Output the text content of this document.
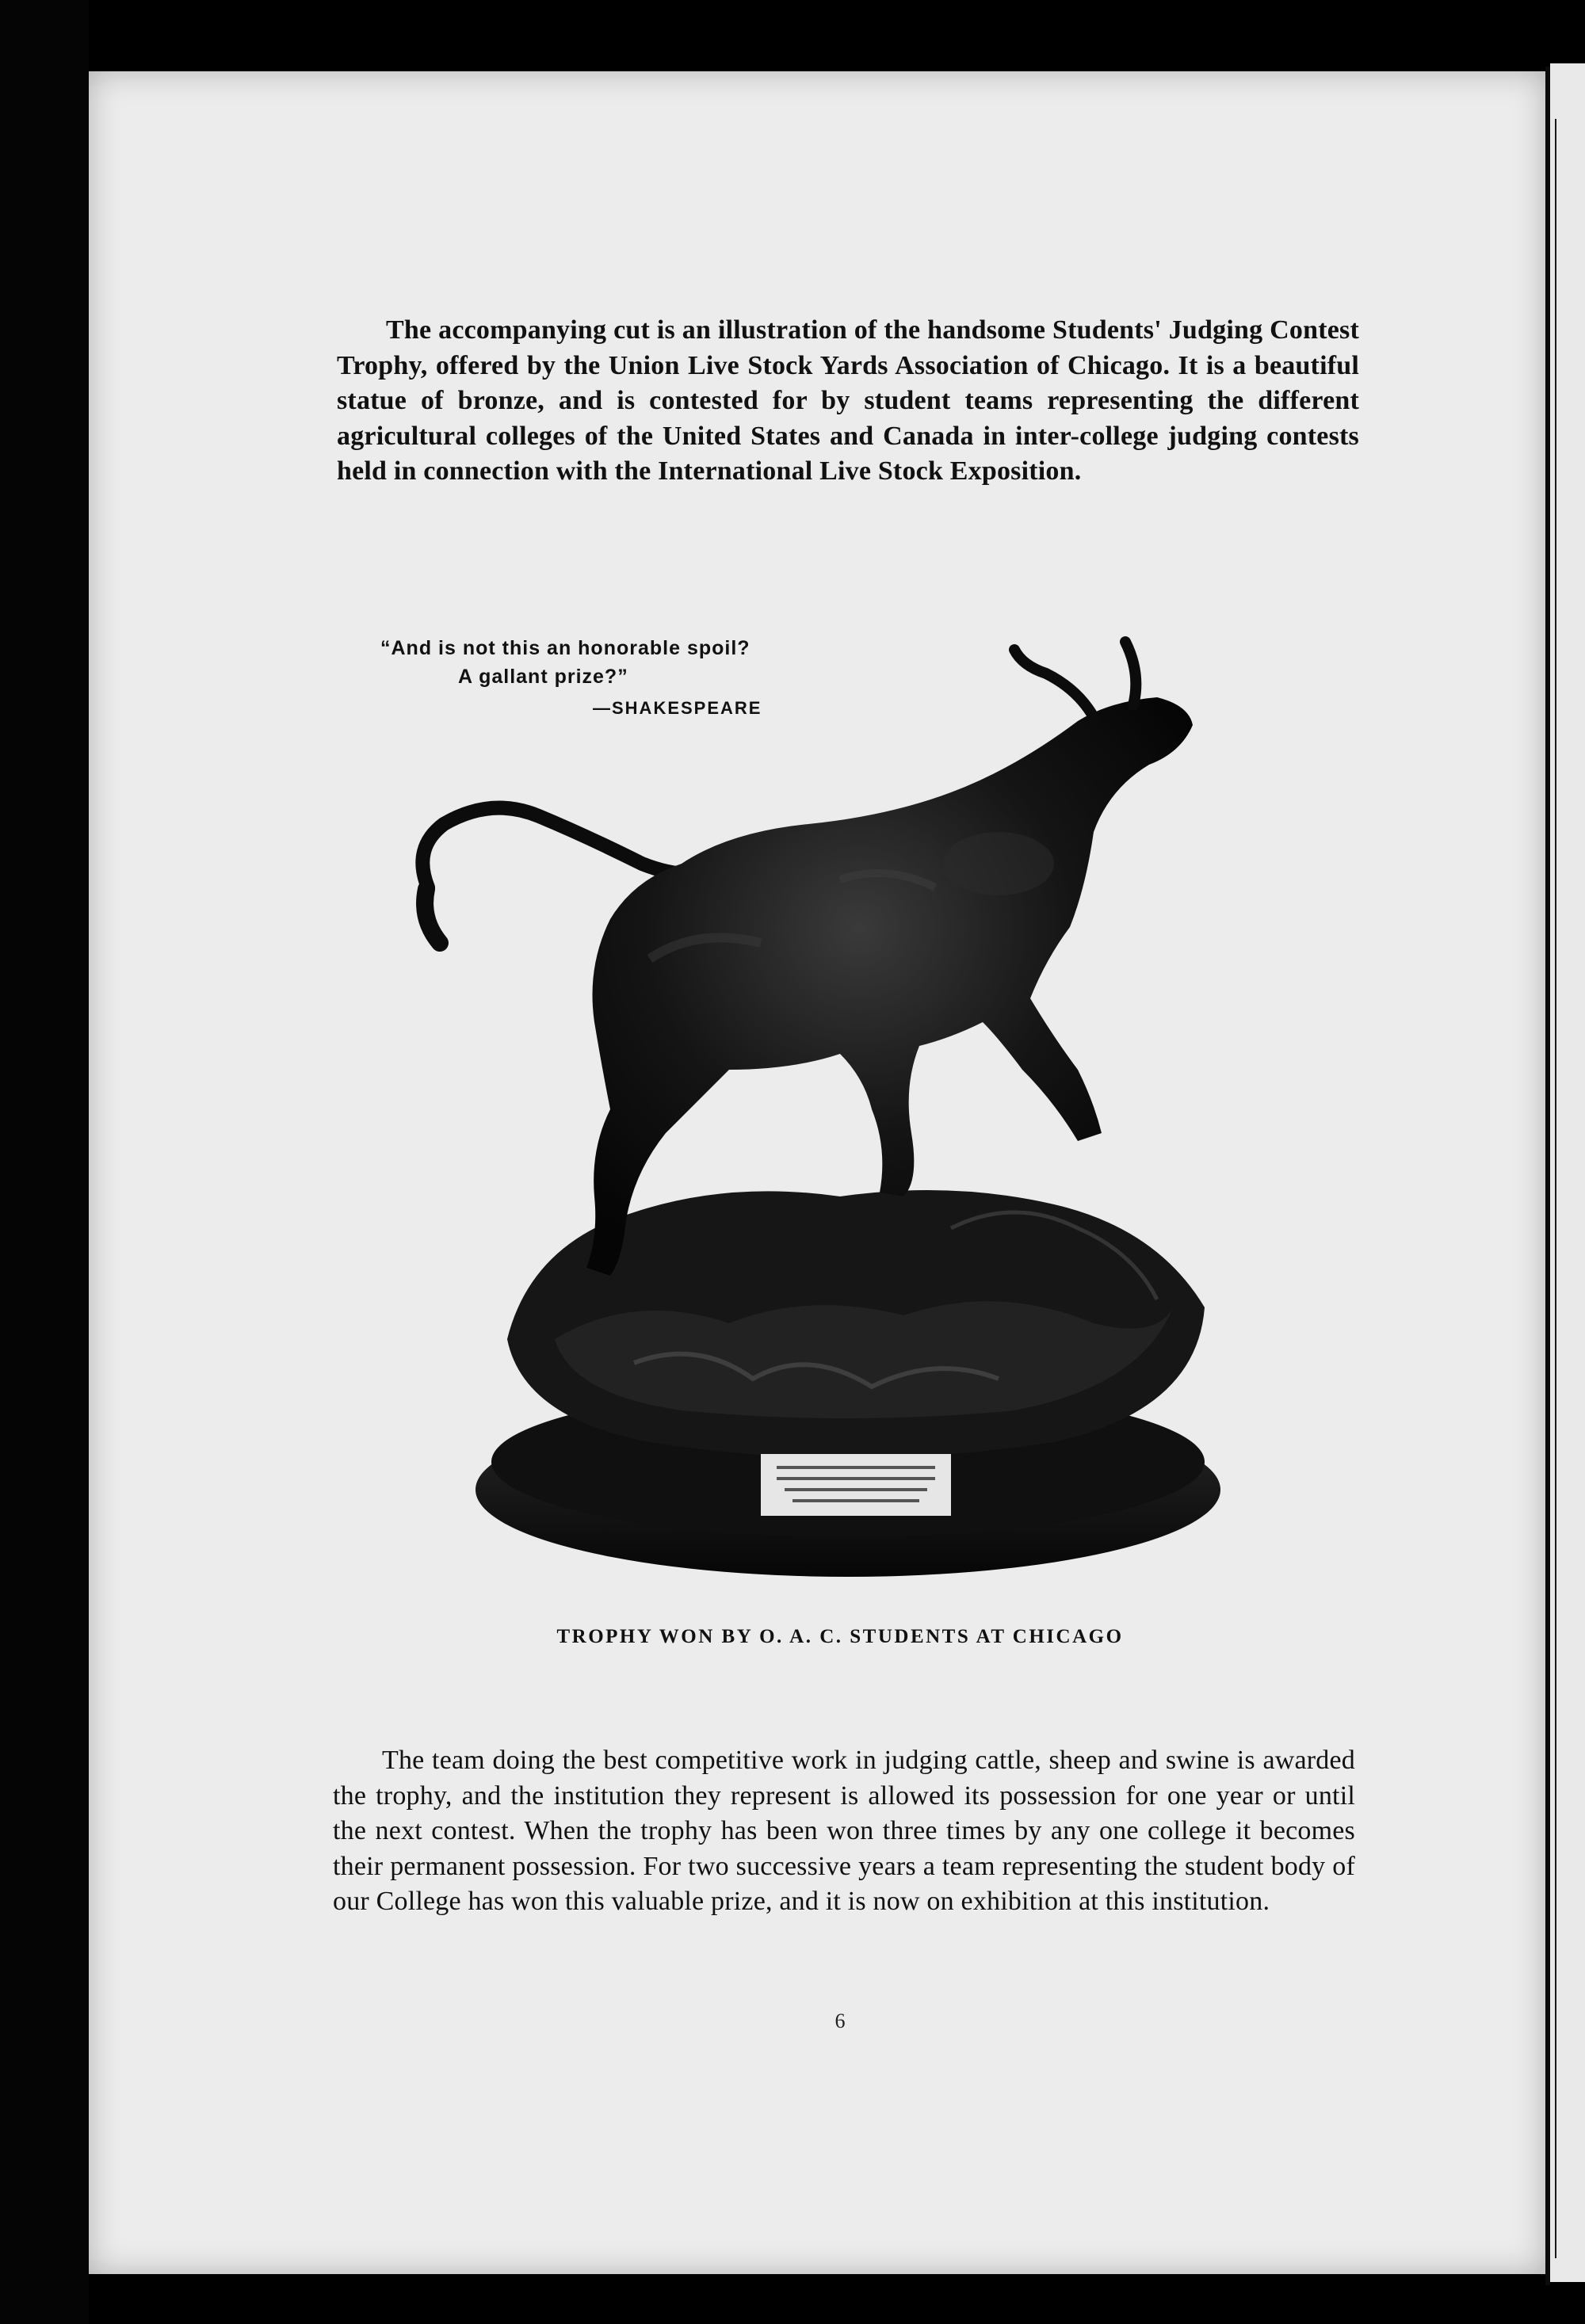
The accompanying cut is an illustration of the handsome Students' Judging Contest Trophy, offered by the Union Live Stock Yards Association of Chicago. It is a beautiful statue of bronze, and is contested for by student teams representing the different agricultural colleges of the United States and Canada in inter-college judging contests held in connection with the International Live Stock Exposition.

“And is not this an honorable spoil?
A gallant prize?”
—SHAKESPEARE
TROPHY WON BY O. A. C. STUDENTS AT CHICAGO

The team doing the best competitive work in judging cattle, sheep and swine is awarded the trophy, and the institution they represent is allowed its possession for one year or until the next contest. When the trophy has been won three times by any one college it becomes their permanent possession. For two successive years a team representing the student body of our College has won this valuable prize, and it is now on exhibition at this institution.

6
